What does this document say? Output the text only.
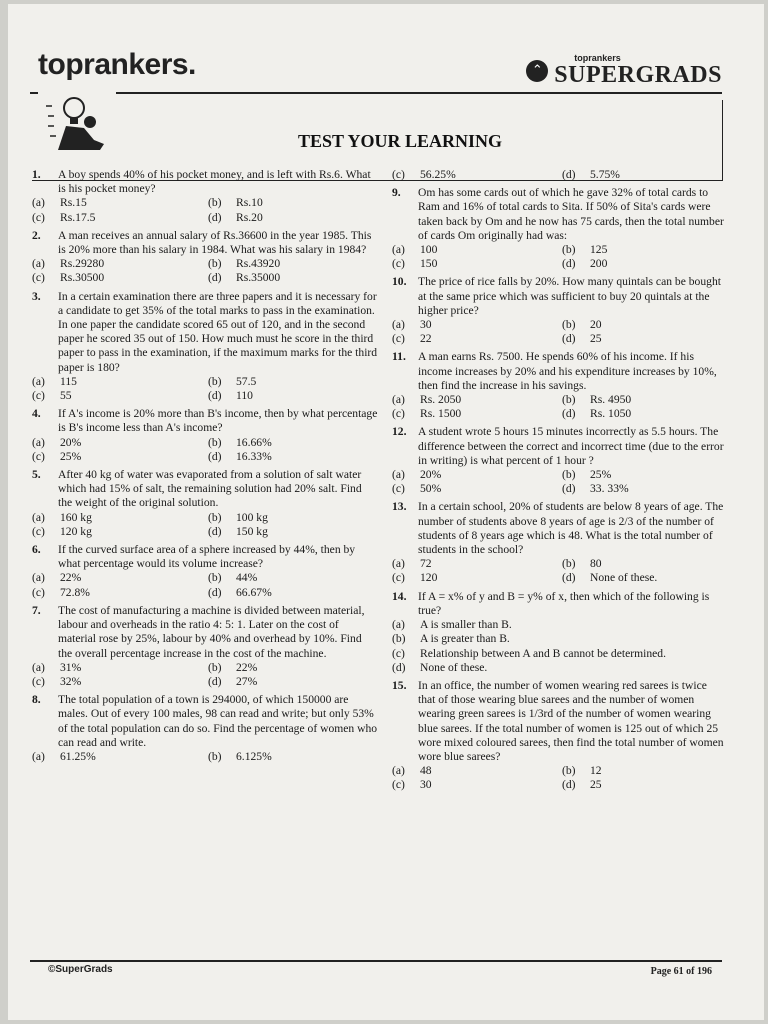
toprankers.	⌃
toprankers
SUPERGRADS
TEST YOUR LEARNING
1. A boy spends 40% of his pocket money, and is left with Rs.6. What is his pocket money?
(a)	Rs.15	(b)	Rs.10
(c)	Rs.17.5	(d)	Rs.20
2. A man receives an annual salary of Rs.36600 in the year 1985. This is 20% more than his salary in 1984. What was his salary in 1984?
(a)	Rs.29280	(b)	Rs.43920
(c)	Rs.30500	(d)	Rs.35000
3. In a certain examination there are three papers and it is necessary for a candidate to get 35% of the total marks to pass in the examination. In one paper the candidate scored 65 out of 120, and in the second paper he scored 35 out of 150. How much must he score in the third paper to pass in the examination, if the maximum marks for the third paper is 180?
(a)	115	(b)	57.5
(c)	55	(d)	110
4. If A's income is 20% more than B's income, then by what percentage is B's income less than A's income?
(a)	20%	(b)	16.66%
(c)	25%	(d)	16.33%
5. After 40 kg of water was evaporated from a solution of salt water which had 15% of salt, the remaining solution had 20% salt. Find the weight of the original solution.
(a)	160 kg	(b)	100 kg
(c)	120 kg	(d)	150 kg
6. If the curved surface area of a sphere increased by 44%, then by what percentage would its volume increase?
(a)	22%	(b)	44%
(c)	72.8%	(d)	66.67%
7. The cost of manufacturing a machine is divided between material, labour and overheads in the ratio 4: 5: 1. Later on the cost of material rose by 25%, labour by 40% and overhead by 10%. Find the overall percentage increase in the cost of the machine.
(a)	31%	(b)	22%
(c)	32%	(d)	27%
8. The total population of a town is 294000, of which 150000 are males. Out of every 100 males, 98 can read and write; but only 53% of the total population can do so. Find the percentage of women who can read and write.
(a)	61.25%	(b)	6.125%
(c)	56.25%	(d)	5.75%
9. Om has some cards out of which he gave 32% of total cards to Ram and 16% of total cards to Sita. If 50% of Sita's cards were taken back by Om and he now has 75 cards, then the total number of cards Om originally had was:
(a)	100	(b)	125
(c)	150	(d)	200
10. The price of rice falls by 20%. How many quintals can be bought at the same price which was sufficient to buy 20 quintals at the higher price?
(a)	30	(b)	20
(c)	22	(d)	25
11. A man earns Rs. 7500. He spends 60% of his income. If his income increases by 20% and his expenditure increases by 10%, then find the increase in his savings.
(a)	Rs. 2050	(b)	Rs. 4950
(c)	Rs. 1500	(d)	Rs. 1050
12. A student wrote 5 hours 15 minutes incorrectly as 5.5 hours. The difference between the correct and incorrect time (due to the error in writing) is what percent of 1 hour ?
(a)	20%	(b)	25%
(c)	50%	(d)	33. 33%
13. In a certain school, 20% of students are below 8 years of age. The number of students above 8 years of age is 2/3 of the number of students of 8 years age which is 48. What is the total number of students in the school?
(a)	72	(b)	80
(c)	120	(d)	None of these.
14. If A = x% of y and B = y% of x, then which of the following is true?
(a)	A is smaller than B.
(b)	A is greater than B.
(c)	Relationship between A and B cannot be determined.
(d)	None of these.
15. In an office, the number of women wearing red sarees is twice that of those wearing blue sarees and the number of women wearing green sarees is 1/3rd of the number of women wearing blue sarees. If the total number of women is 125 out of which 25 wore mixed coloured sarees, then find the total number of women wore blue sarees?
(a)	48	(b)	12
(c)	30	(d)	25
©SuperGrads	Page 61 of 196
